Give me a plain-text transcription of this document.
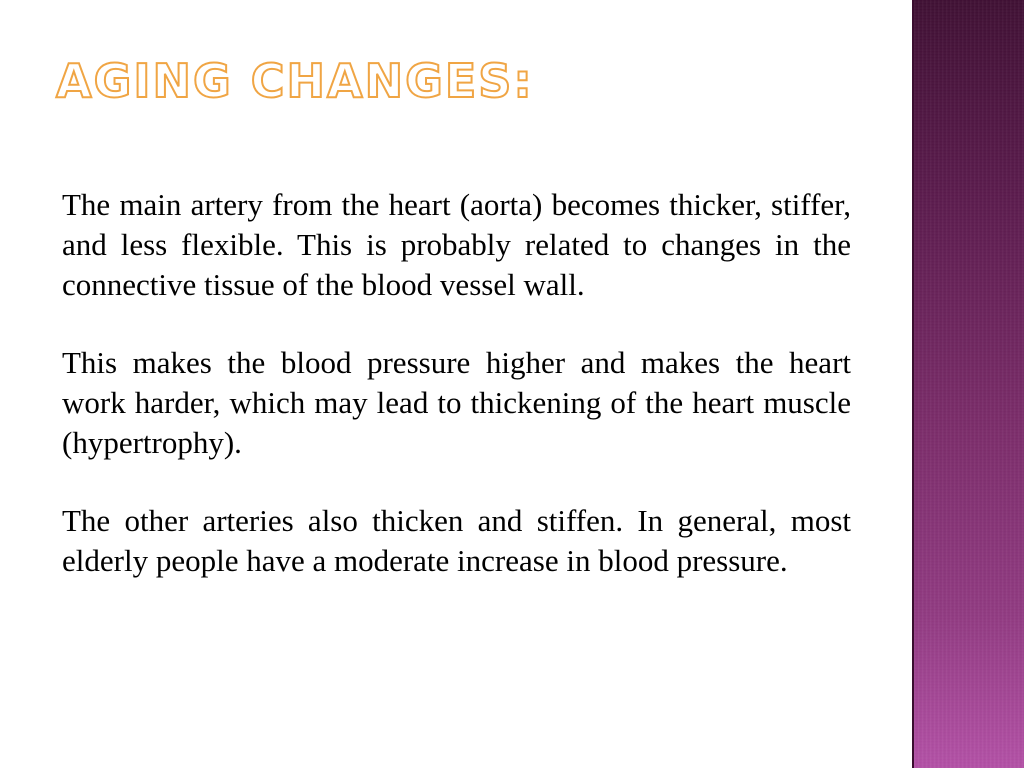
AGING CHANGES:

The main artery from the heart (aorta) becomes thicker, stiffer, and less flexible. This is probably related to changes in the connective tissue of the blood vessel wall.

This makes the blood pressure higher and makes the heart work harder, which may lead to thickening of the heart muscle (hypertrophy).

The other arteries also thicken and stiffen. In general, most elderly people have a moderate increase in blood pressure.
